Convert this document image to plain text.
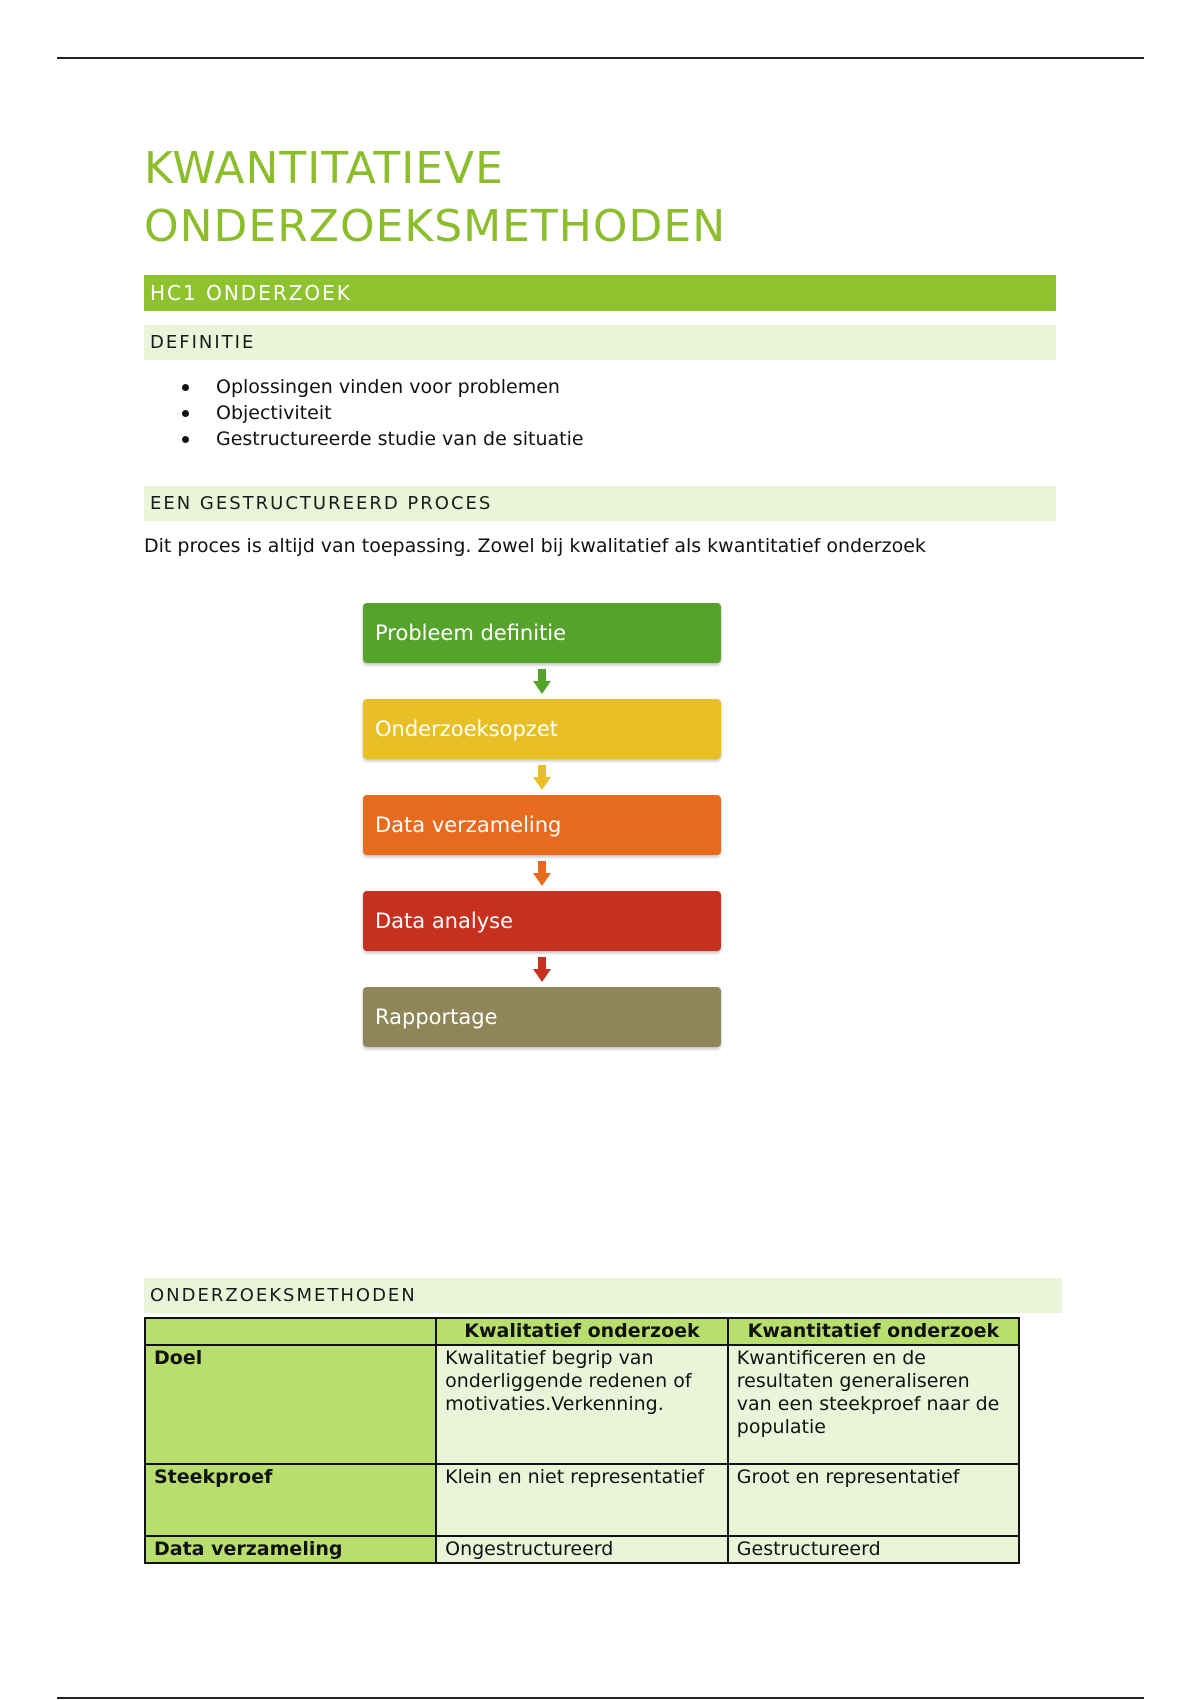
KWANTITATIEVE ONDERZOEKSMETHODEN
HC1 ONDERZOEK
DEFINITIE
Oplossingen vinden voor problemen
Objectiviteit
Gestructureerde studie van de situatie
EEN GESTRUCTUREERD PROCES
Dit proces is altijd van toepassing. Zowel bij kwalitatief als kwantitatief onderzoek
Probleem definitie
Onderzoeksopzet
Data verzameling
Data analyse
Rapportage
ONDERZOEKSMETHODEN
	Kwalitatief onderzoek	Kwantitatief onderzoek
Doel	Kwalitatief begrip van onderliggende redenen of motivaties.Verkenning.	Kwantificeren en de resultaten generaliseren van een steekproef naar de populatie
Steekproef	Klein en niet representatief	Groot en representatief
Data verzameling	Ongestructureerd	Gestructureerd
